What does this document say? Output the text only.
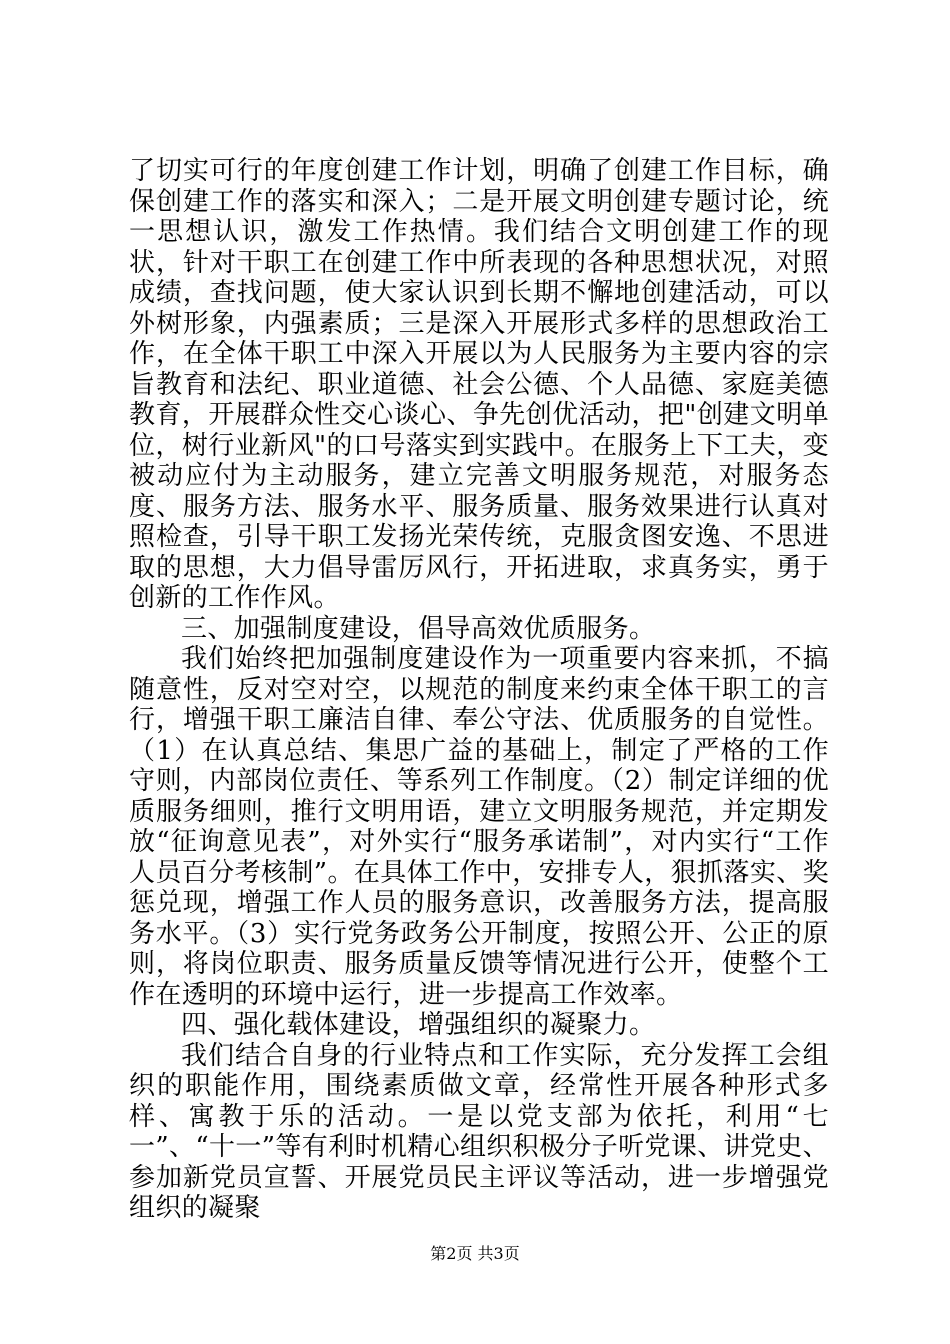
了切实可行的年度创建工作计划，明确了创建工作目标，确保创建工作的落实和深入；二是开展文明创建专题讨论，统一思想认识，激发工作热情。我们结合文明创建工作的现状，针对干职工在创建工作中所表现的各种思想状况，对照成绩，查找问题，使大家认识到长期不懈地创建活动，可以外树形象，内强素质；三是深入开展形式多样的思想政治工作，在全体干职工中深入开展以为人民服务为主要内容的宗旨教育和法纪、职业道德、社会公德、个人品德、家庭美德教育，开展群众性交心谈心、争先创优活动，把"创建文明单位，树行业新风"的口号落实到实践中。在服务上下工夫，变被动应付为主动服务，建立完善文明服务规范，对服务态度、服务方法、服务水平、服务质量、服务效果进行认真对照检查，引导干职工发扬光荣传统，克服贪图安逸、不思进取的思想，大力倡导雷厉风行，开拓进取，求真务实，勇于创新的工作作风。

三、加强制度建设，倡导高效优质服务。

我们始终把加强制度建设作为一项重要内容来抓，不搞随意性，反对空对空，以规范的制度来约束全体干职工的言行，增强干职工廉洁自律、奉公守法、优质服务的自觉性。（1）在认真总结、集思广益的基础上，制定了严格的工作守则，内部岗位责任、等系列工作制度。（2）制定详细的优质服务细则，推行文明用语，建立文明服务规范，并定期发放“征询意见表”，对外实行“服务承诺制”，对内实行“工作人员百分考核制”。在具体工作中，安排专人，狠抓落实、奖惩兑现，增强工作人员的服务意识，改善服务方法，提高服务水平。（3）实行党务政务公开制度，按照公开、公正的原则，将岗位职责、服务质量反馈等情况进行公开，使整个工作在透明的环境中运行，进一步提高工作效率。

四、强化载体建设，增强组织的凝聚力。

我们结合自身的行业特点和工作实际，充分发挥工会组织的职能作用，围绕素质做文章，经常性开展各种形式多样、寓教于乐的活动。一是以党支部为依托，利用“七一”、“十一”等有利时机精心组织积极分子听党课、讲党史、参加新党员宣誓、开展党员民主评议等活动，进一步增强党组织的凝聚

第2页 共3页
